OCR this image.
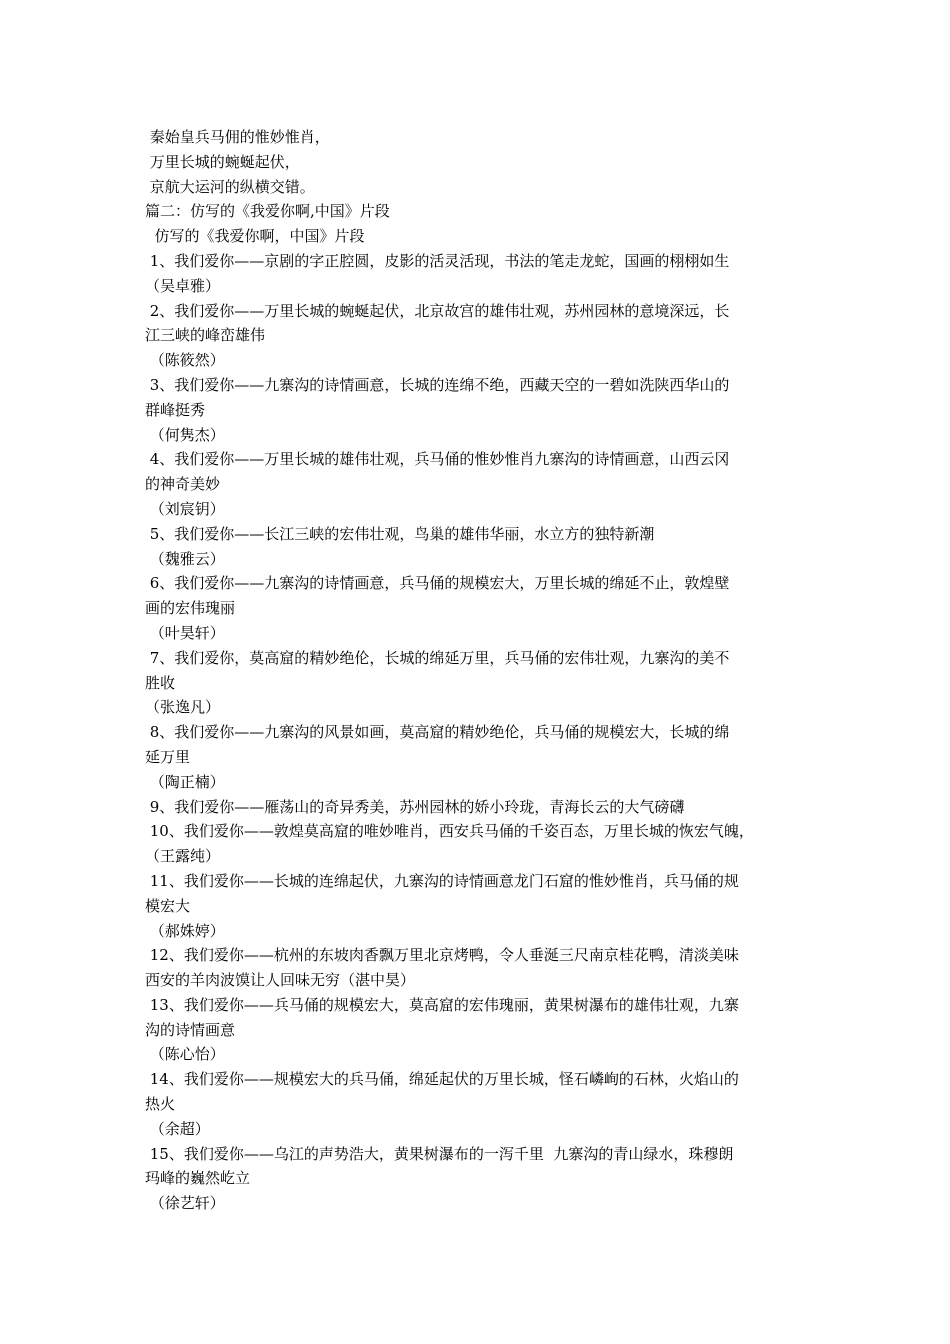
秦始皇兵马佣的惟妙惟肖，
万里长城的蜿蜒起伏，
京航大运河的纵横交错。
篇二：仿写的《我爱你啊,中国》片段
仿写的《我爱你啊，中国》片段
1、我们爱你——京剧的字正腔圆，皮影的活灵活现，书法的笔走龙蛇，国画的栩栩如生
（吴卓雅）
2、我们爱你——万里长城的蜿蜒起伏，北京故宫的雄伟壮观，苏州园林的意境深远，长
江三峡的峰峦雄伟
（陈筱然）
3、我们爱你——九寨沟的诗情画意，长城的连绵不绝，西藏天空的一碧如洗陕西华山的
群峰挺秀
（何隽杰）
4、我们爱你——万里长城的雄伟壮观，兵马俑的惟妙惟肖九寨沟的诗情画意，山西云冈
的神奇美妙
（刘宸钥）
5、我们爱你——长江三峡的宏伟壮观，鸟巢的雄伟华丽，水立方的独特新潮
（魏雅云）
6、我们爱你——九寨沟的诗情画意，兵马俑的规模宏大，万里长城的绵延不止，敦煌壁
画的宏伟瑰丽
（叶昊轩）
7、我们爱你，莫高窟的精妙绝伦，长城的绵延万里，兵马俑的宏伟壮观，九寨沟的美不
胜收
（张逸凡）
8、我们爱你——九寨沟的风景如画，莫高窟的精妙绝伦，兵马俑的规模宏大，长城的绵
延万里
（陶正楠）
9、我们爱你——雁荡山的奇异秀美，苏州园林的娇小玲珑，青海长云的大气磅礴
10、我们爱你——敦煌莫高窟的唯妙唯肖，西安兵马俑的千姿百态，万里长城的恢宏气魄，
（王露纯）
11、我们爱你——长城的连绵起伏，九寨沟的诗情画意龙门石窟的惟妙惟肖，兵马俑的规
模宏大
（郝姝婷）
12、我们爱你——杭州的东坡肉香飘万里北京烤鸭，令人垂涎三尺南京桂花鸭，清淡美味
西安的羊肉波馍让人回味无穷（湛中昊）
13、我们爱你——兵马俑的规模宏大，莫高窟的宏伟瑰丽，黄果树瀑布的雄伟壮观，九寨
沟的诗情画意
（陈心怡）
14、我们爱你——规模宏大的兵马俑，绵延起伏的万里长城，怪石嶙峋的石林，火焰山的
热火
（余超）
15、我们爱你——乌江的声势浩大，黄果树瀑布的一泻千里  九寨沟的青山绿水，珠穆朗
玛峰的巍然屹立
（徐艺轩）
